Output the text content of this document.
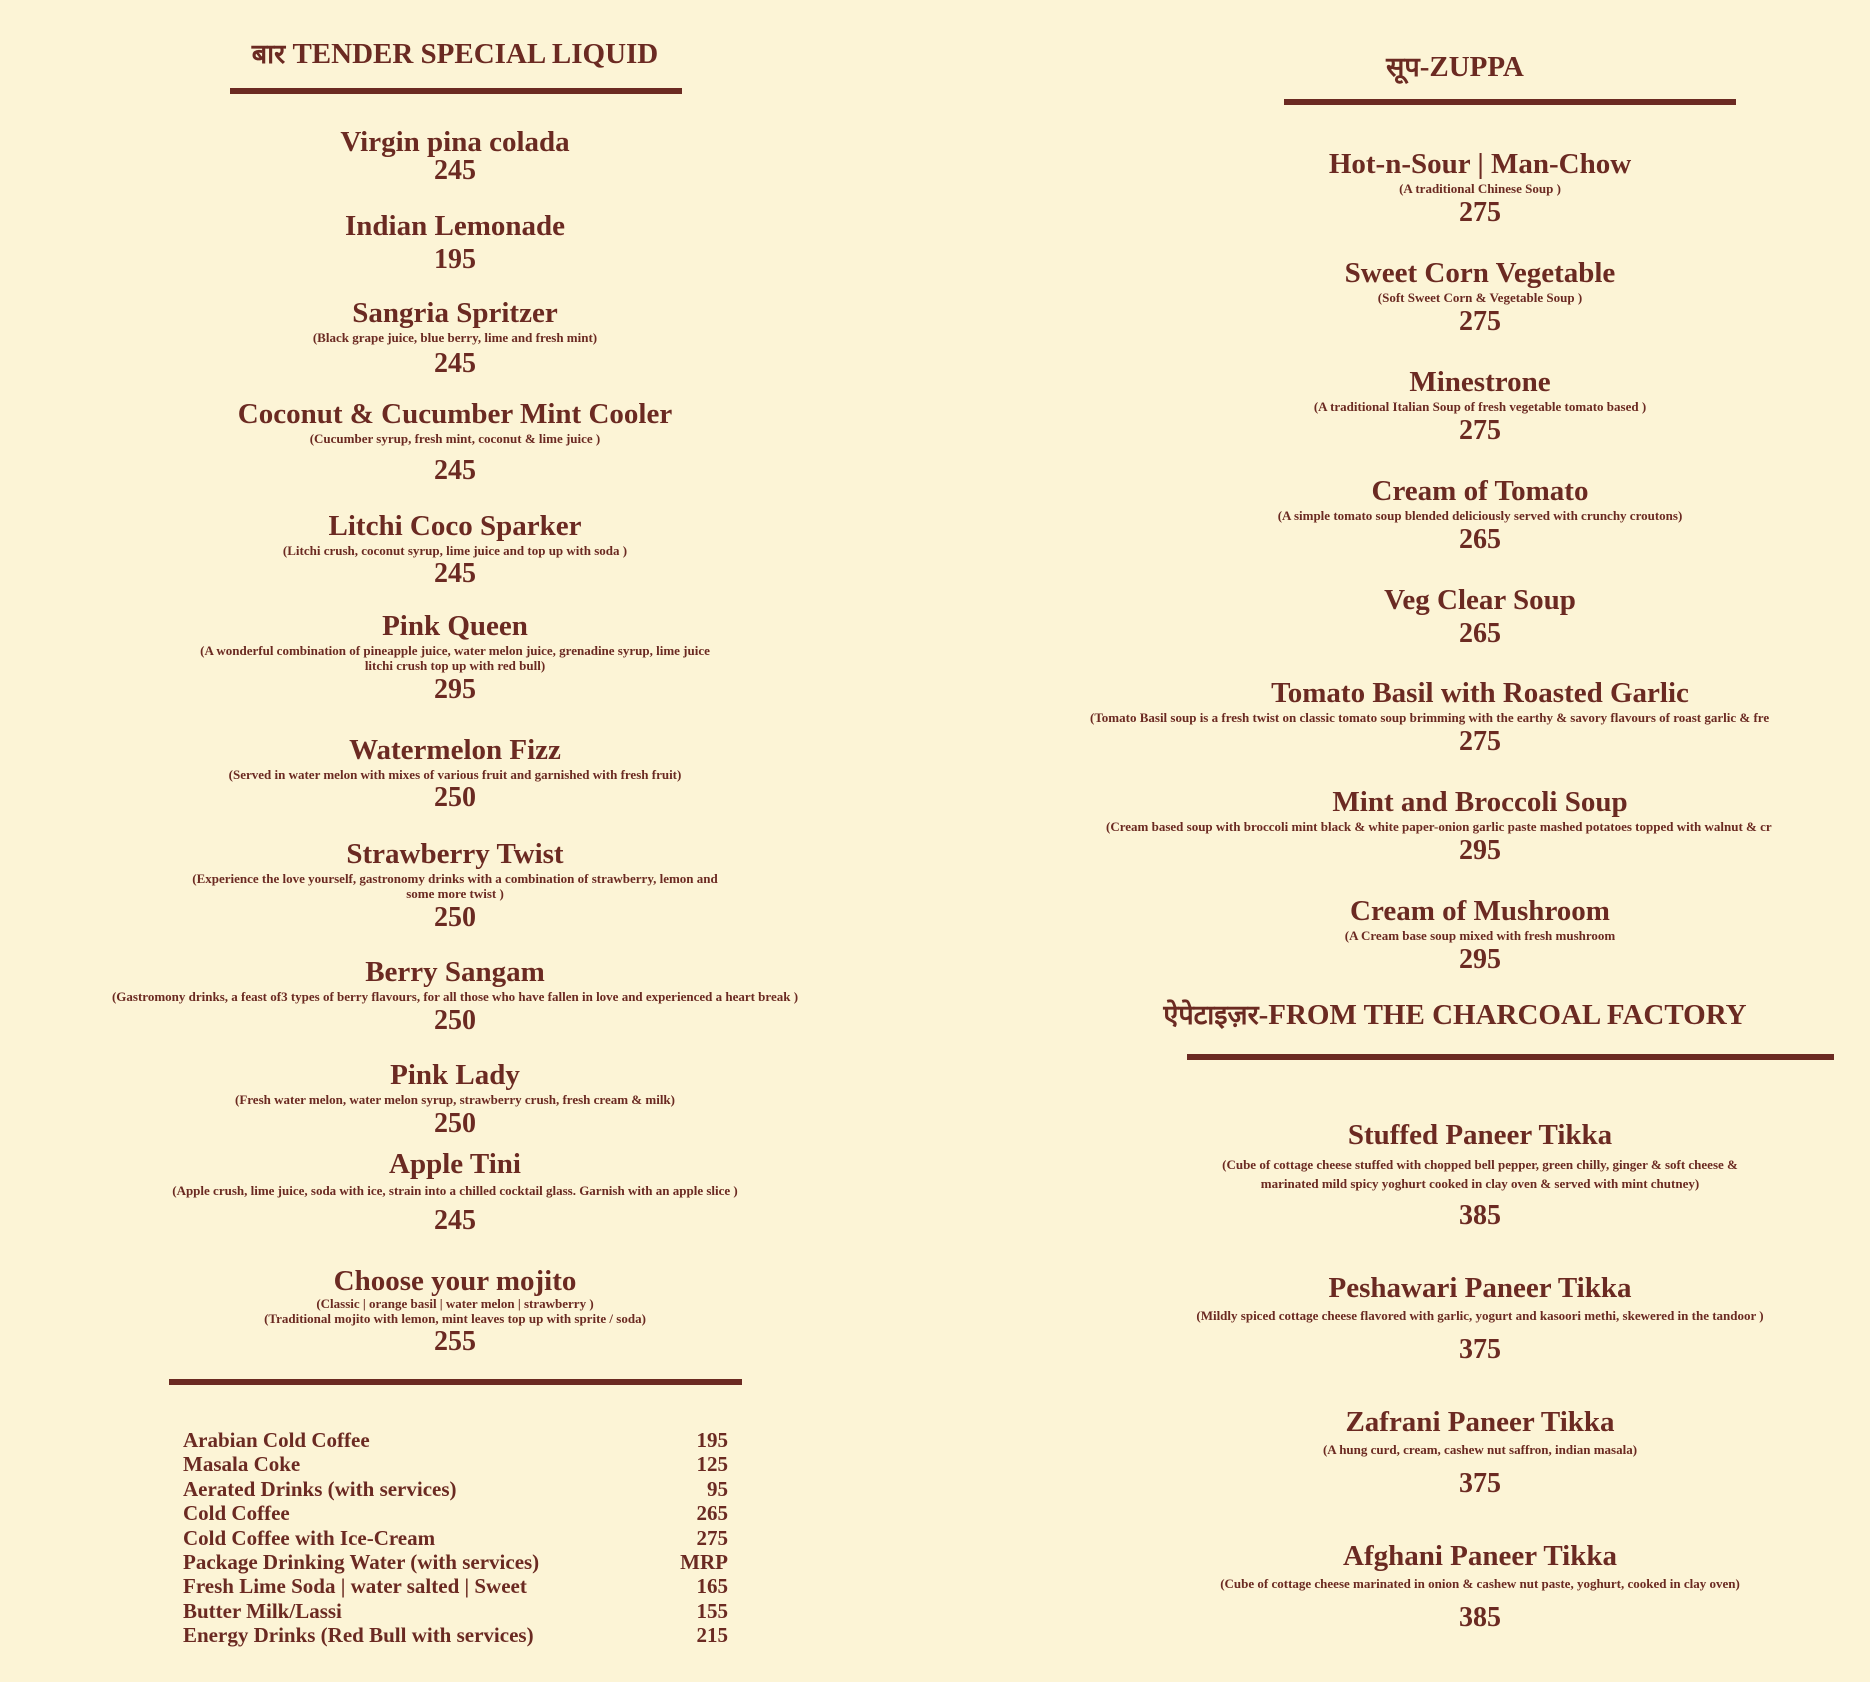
बार TENDER SPECIAL LIQUID
Virgin pina colada
245
Indian Lemonade
195
Sangria Spritzer
(Black grape juice, blue berry, lime and fresh mint)
245
Coconut & Cucumber Mint Cooler
(Cucumber syrup, fresh mint, coconut & lime juice )
245
Litchi Coco Sparker
(Litchi crush, coconut syrup, lime juice and top up with soda )
245
Pink Queen
(A wonderful combination of pineapple juice, water melon juice, grenadine syrup, lime juice
litchi crush top up with red bull)
295
Watermelon Fizz
(Served in water melon with mixes of various fruit and garnished with fresh fruit)
250
Strawberry Twist
(Experience the love yourself, gastronomy drinks with a combination of strawberry, lemon and
some more twist )
250
Berry Sangam
(Gastromony drinks, a feast of3 types of berry flavours, for all those who have fallen in love and experienced a heart break )
250
Pink Lady
(Fresh water melon, water melon syrup, strawberry crush, fresh cream & milk)
250
Apple Tini
(Apple crush, lime juice, soda with ice, strain into a chilled cocktail glass. Garnish with an apple slice )
245
Choose your mojito
(Classic | orange basil | water melon | strawberry )
(Traditional mojito with lemon, mint leaves top up with sprite / soda)
255
Arabian Cold Coffee	195
Masala Coke	125
Aerated Drinks (with services)	95
Cold Coffee	265
Cold Coffee with Ice-Cream	275
Package Drinking Water (with services)	MRP
Fresh Lime Soda | water salted | Sweet	165
Butter Milk/Lassi	155
Energy Drinks (Red Bull with services)	215
सूप-ZUPPA
Hot-n-Sour | Man-Chow
(A traditional Chinese Soup )
275
Sweet Corn Vegetable
(Soft Sweet Corn & Vegetable Soup )
275
Minestrone
(A traditional Italian Soup of fresh vegetable tomato based )
275
Cream of Tomato
(A simple tomato soup blended deliciously served with crunchy croutons)
265
Veg Clear Soup
265
Tomato Basil with Roasted Garlic
(Tomato Basil soup is a fresh twist on classic tomato soup brimming with the earthy & savory flavours of roast garlic & fre
275
Mint and Broccoli Soup
(Cream based soup with broccoli mint black & white paper-onion garlic paste mashed potatoes topped with walnut & cr
295
Cream of Mushroom
(A Cream base soup mixed with fresh mushroom
295
ऐपेटाइज़र-FROM THE CHARCOAL FACTORY
Stuffed Paneer Tikka
(Cube of cottage cheese stuffed with chopped bell pepper, green chilly, ginger & soft cheese &
marinated mild spicy yoghurt cooked in clay oven & served with mint chutney)
385
Peshawari Paneer Tikka
(Mildly spiced cottage cheese flavored with garlic, yogurt and kasoori methi, skewered in the tandoor )
375
Zafrani Paneer Tikka
(A hung curd, cream, cashew nut saffron, indian masala)
375
Afghani Paneer Tikka
(Cube of cottage cheese marinated in onion & cashew nut paste, yoghurt, cooked in clay oven)
385
